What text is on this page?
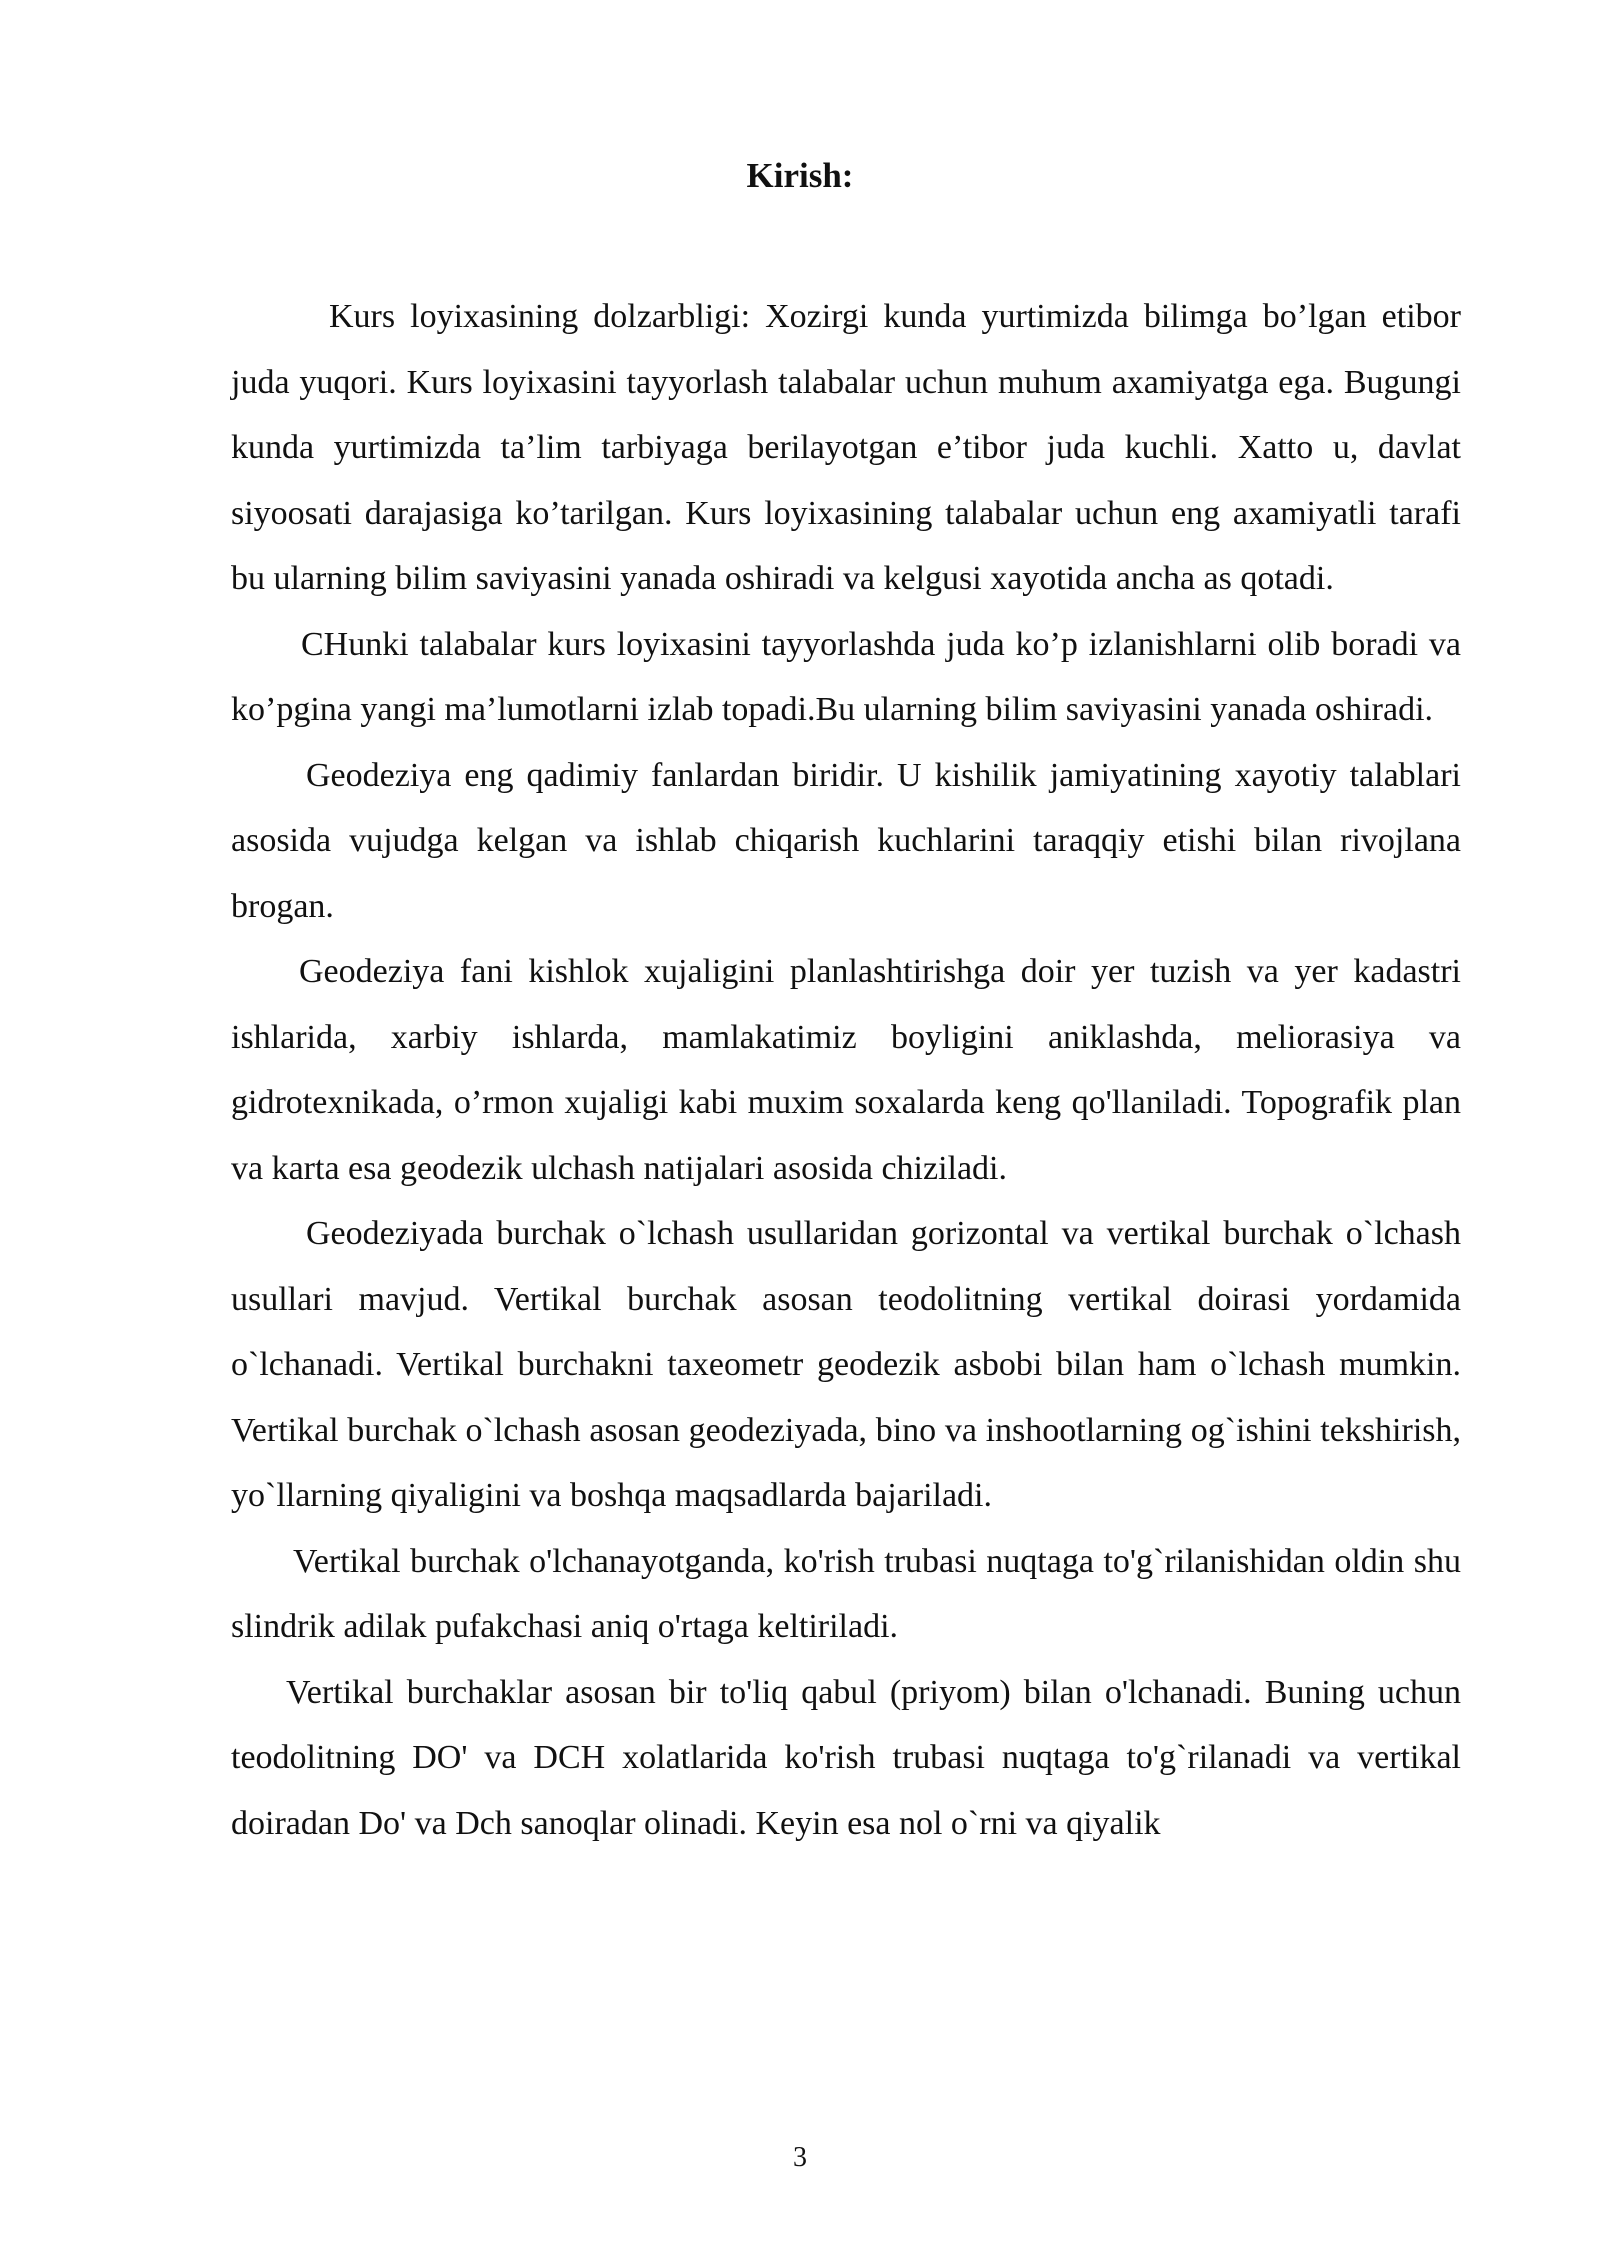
Kirish:

Kurs loyixasining dolzarbligi: Xozirgi kunda yurtimizda bilimga bo’lgan etibor juda yuqori. Kurs loyixasini tayyorlash talabalar uchun muhum axamiyatga ega. Bugungi kunda yurtimizda ta’lim tarbiyaga berilayotgan e’tibor juda kuchli. Xatto u, davlat siyoosati darajasiga ko’tarilgan. Kurs loyixasining talabalar uchun eng axamiyatli tarafi bu ularning bilim saviyasini yanada oshiradi va kelgusi xayotida ancha as qotadi.

CHunki talabalar kurs loyixasini tayyorlashda juda ko’p izlanishlarni olib boradi va ko’pgina yangi ma’lumotlarni izlab topadi.Bu ularning bilim saviyasini yanada oshiradi.

Geodeziya eng qadimiy fanlardan biridir. U kishilik jamiyatining xayotiy talablari asosida vujudga kelgan va ishlab chiqarish kuchlarini taraqqiy etishi bilan rivojlana brogan.

Geodeziya fani kishlok xujaligini planlashtirishga doir yer tuzish va yer kadastri ishlarida, xarbiy ishlarda, mamlakatimiz boyligini aniklashda, meliorasiya va gidrotexnikada, o’rmon xujaligi kabi muxim soxalarda keng qo'llaniladi. Topografik plan va karta esa geodezik ulchash natijalari asosida chiziladi.

Geodeziyada burchak o`lchash usullaridan gorizontal va vertikal burchak o`lchash usullari mavjud. Vertikal burchak asosan teodolitning vertikal doirasi yordamida o`lchanadi. Vertikal burchakni taxeometr geodezik asbobi bilan ham o`lchash mumkin. Vertikal burchak o`lchash asosan geodeziyada, bino va inshootlarning og`ishini tekshirish, yo`llarning qiyaligini va boshqa maqsadlarda bajariladi.

Vertikal burchak o'lchanayotganda, ko'rish trubasi nuqtaga to'g`rilanishidan oldin shu slindrik adilak pufakchasi aniq o'rtaga keltiriladi.

Vertikal burchaklar asosan bir to'liq qabul (priyom) bilan o'lchanadi. Buning uchun teodolitning DO' va DCH xolatlarida ko'rish trubasi nuqtaga to'g`rilanadi va vertikal doiradan Do' va Dch sanoqlar olinadi. Keyin esa nol o`rni va qiyalik

3
